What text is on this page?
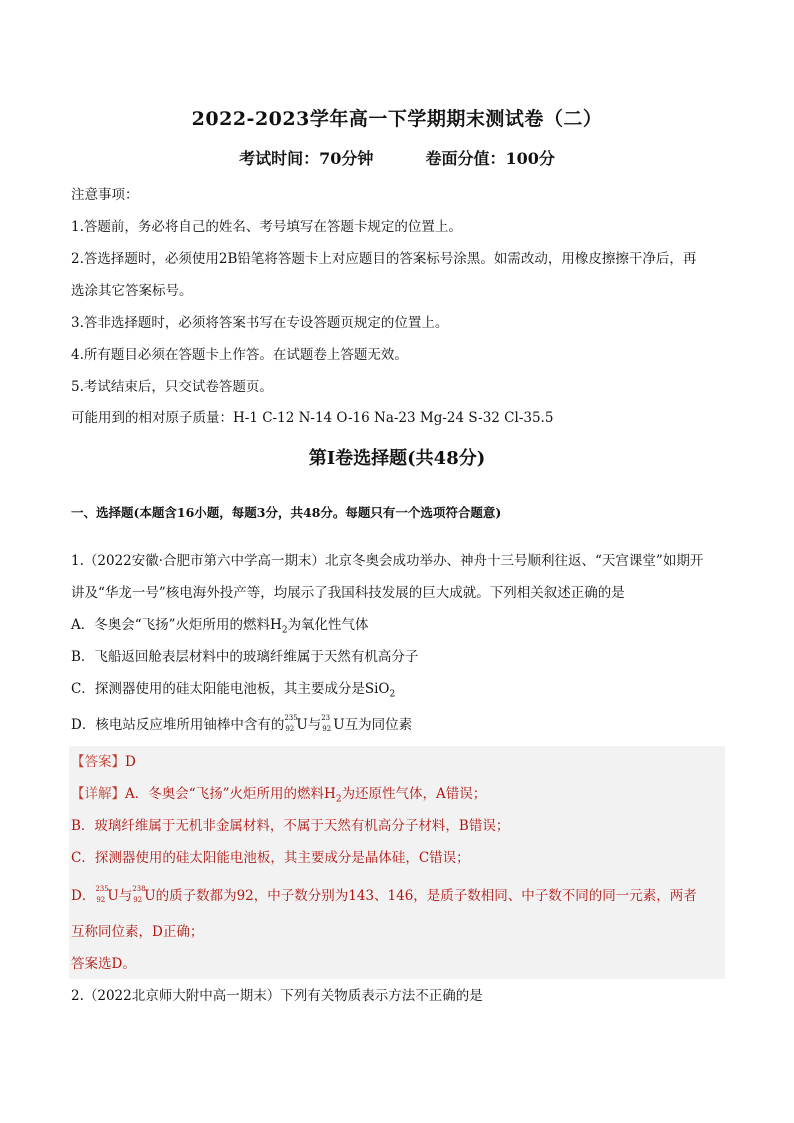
2022-2023学年高一下学期期末测试卷（二）
考试时间：70分钟	卷面分值：100分
注意事项：
1.答题前，务必将自己的姓名、考号填写在答题卡规定的位置上。
2.答选择题时，必须使用2B铅笔将答题卡上对应题目的答案标号涂黑。如需改动，用橡皮擦擦干净后，再
选涂其它答案标号。
3.答非选择题时，必须将答案书写在专设答题页规定的位置上。
4.所有题目必须在答题卡上作答。在试题卷上答题无效。
5.考试结束后，只交试卷答题页。
可能用到的相对原子质量：H-1 C-12 N-14 O-16 Na-23 Mg-24 S-32 Cl-35.5
第Ⅰ卷选择题(共48分)
一、选择题(本题含16小题，每题3分，共48分。每题只有一个选项符合题意)
1.（2022安徽·合肥市第六中学高一期末）北京冬奥会成功举办、神舟十三号顺利往返、“天宫课堂”如期开
讲及“华龙一号”核电海外投产等，均展示了我国科技发展的巨大成就。下列相关叙述正确的是
A．冬奥会“飞扬”火炬所用的燃料$H_2$为氧化性气体
B．飞船返回舱表层材料中的玻璃纤维属于天然有机高分子
C．探测器使用的硅太阳能电池板，其主要成分是SiO$_2$
D．核电站反应堆所用铀棒中含有的 235
92 U与 23
92 U互为同位素
【答案】D
【详解】A．冬奥会“飞扬”火炬所用的燃料$H_2$为还原性气体，A错误；
B．玻璃纤维属于无机非金属材料，不属于天然有机高分子材料，B错误；
C．探测器使用的硅太阳能电池板，其主要成分是晶体硅，C错误；
D． 235
92 U与 238
92 U的质子数都为92，中子数分别为143、146，是质子数相同、中子数不同的同一元素，两者
互称同位素，D正确；
答案选D。
2.（2022北京师大附中高一期末）下列有关物质表示方法不正确的是
